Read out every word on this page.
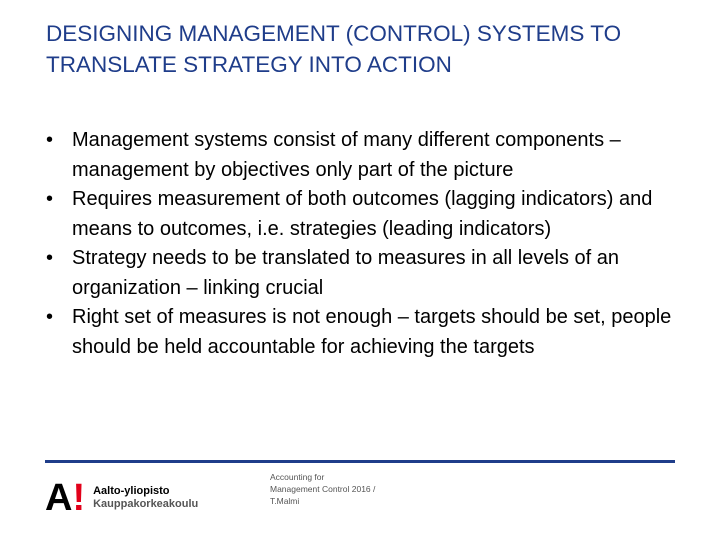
DESIGNING MANAGEMENT (CONTROL) SYSTEMS TO TRANSLATE STRATEGY INTO ACTION
• Management systems consist of many different components – management by objectives only part of the picture
• Requires measurement of both outcomes (lagging indicators) and means to outcomes, i.e. strategies (leading indicators)
• Strategy needs to be translated to measures in all levels of an organization – linking crucial
• Right set of measures is not enough – targets should be set, people should be held accountable for achieving the targets
A ! Aalto-yliopisto
Kauppakorkeakoulu
Accounting for
Management Control 2016 /
T.Malmi
